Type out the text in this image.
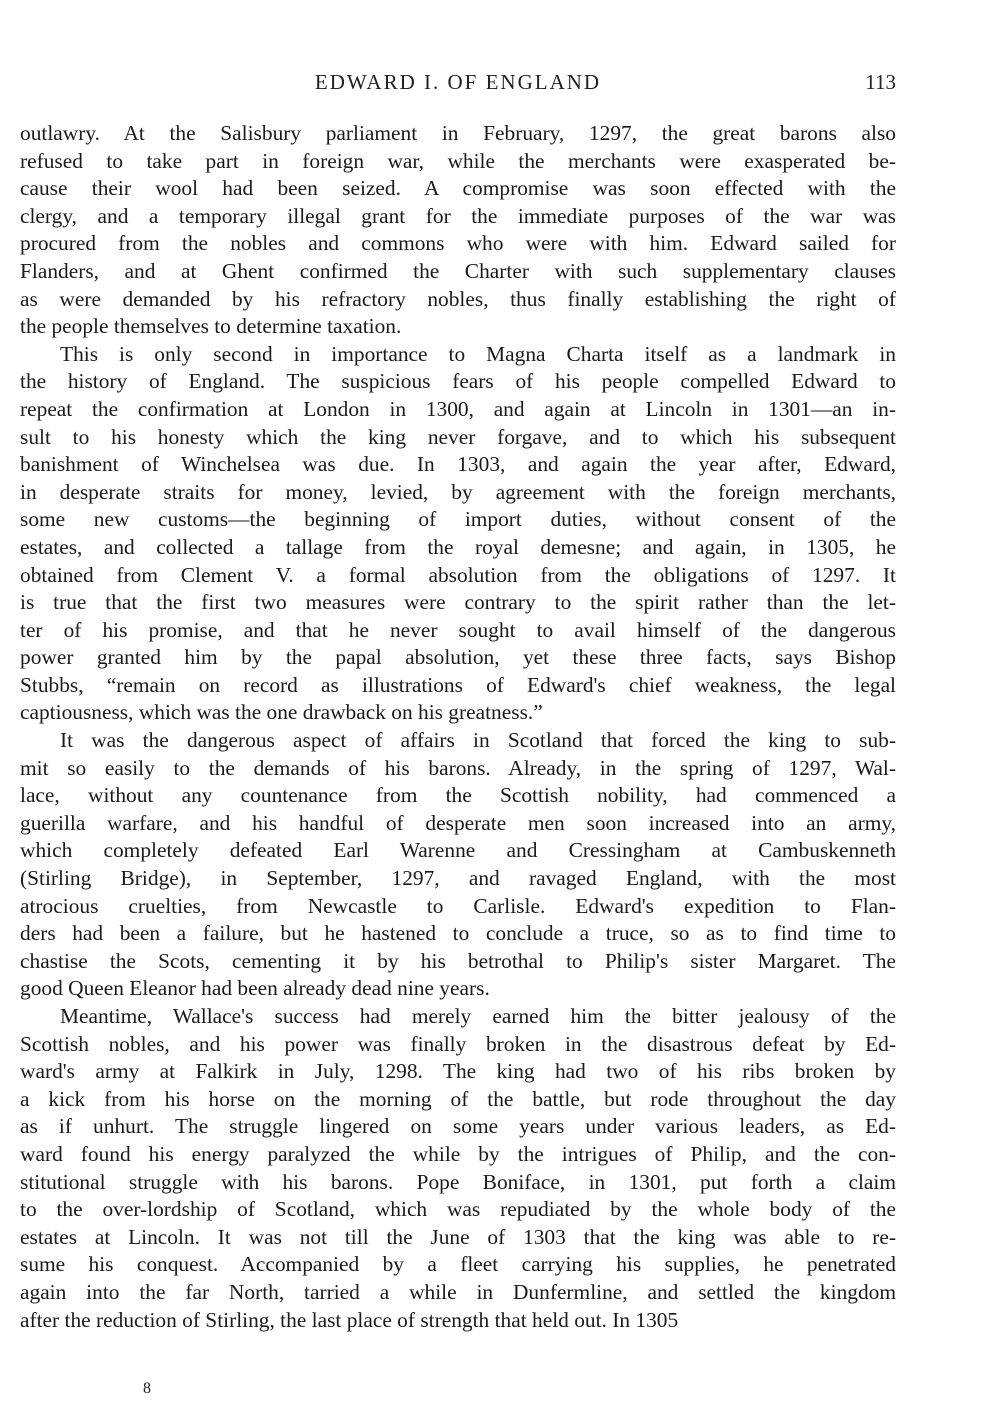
EDWARD I. OF ENGLAND	113
outlawry. At the Salisbury parliament in February, 1297, the great barons also
refused to take part in foreign war, while the merchants were exasperated be-
cause their wool had been seized. A compromise was soon effected with the
clergy, and a temporary illegal grant for the immediate purposes of the war was
procured from the nobles and commons who were with him. Edward sailed for
Flanders, and at Ghent confirmed the Charter with such supplementary clauses
as were demanded by his refractory nobles, thus finally establishing the right of
the people themselves to determine taxation.
This is only second in importance to Magna Charta itself as a landmark in
the history of England. The suspicious fears of his people compelled Edward to
repeat the confirmation at London in 1300, and again at Lincoln in 1301—an in-
sult to his honesty which the king never forgave, and to which his subsequent
banishment of Winchelsea was due. In 1303, and again the year after, Edward,
in desperate straits for money, levied, by agreement with the foreign merchants,
some new customs—the beginning of import duties, without consent of the
estates, and collected a tallage from the royal demesne; and again, in 1305, he
obtained from Clement V. a formal absolution from the obligations of 1297. It
is true that the first two measures were contrary to the spirit rather than the let-
ter of his promise, and that he never sought to avail himself of the dangerous
power granted him by the papal absolution, yet these three facts, says Bishop
Stubbs, “remain on record as illustrations of Edward's chief weakness, the legal
captiousness, which was the one drawback on his greatness.”
It was the dangerous aspect of affairs in Scotland that forced the king to sub-
mit so easily to the demands of his barons. Already, in the spring of 1297, Wal-
lace, without any countenance from the Scottish nobility, had commenced a
guerilla warfare, and his handful of desperate men soon increased into an army,
which completely defeated Earl Warenne and Cressingham at Cambuskenneth
(Stirling Bridge), in September, 1297, and ravaged England, with the most
atrocious cruelties, from Newcastle to Carlisle. Edward's expedition to Flan-
ders had been a failure, but he hastened to conclude a truce, so as to find time to
chastise the Scots, cementing it by his betrothal to Philip's sister Margaret. The
good Queen Eleanor had been already dead nine years.
Meantime, Wallace's success had merely earned him the bitter jealousy of the
Scottish nobles, and his power was finally broken in the disastrous defeat by Ed-
ward's army at Falkirk in July, 1298. The king had two of his ribs broken by
a kick from his horse on the morning of the battle, but rode throughout the day
as if unhurt. The struggle lingered on some years under various leaders, as Ed-
ward found his energy paralyzed the while by the intrigues of Philip, and the con-
stitutional struggle with his barons. Pope Boniface, in 1301, put forth a claim
to the over-lordship of Scotland, which was repudiated by the whole body of the
estates at Lincoln. It was not till the June of 1303 that the king was able to re-
sume his conquest. Accompanied by a fleet carrying his supplies, he penetrated
again into the far North, tarried a while in Dunfermline, and settled the kingdom
after the reduction of Stirling, the last place of strength that held out. In 1305
8
